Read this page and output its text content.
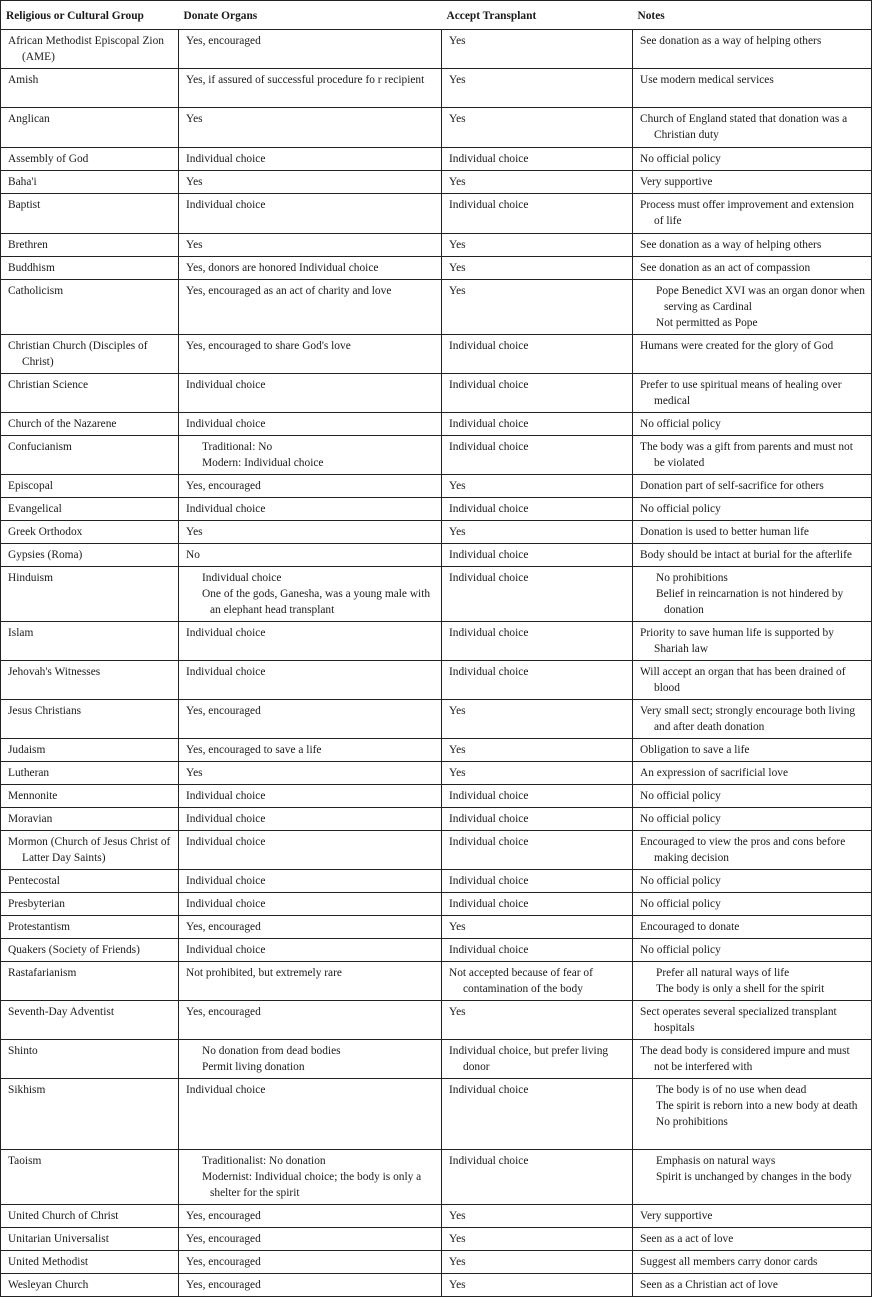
Religious or Cultural Group	Donate Organs	Accept Transplant	Notes

African Methodist Episcopal Zion (AME)	Yes, encouraged	Yes	See donation as a way of helping others

Amish	Yes, if assured of successful procedure fo r recipient	Yes	Use modern medical services

Anglican	Yes	Yes	Church of England stated that donation was a Christian duty

Assembly of God	Individual choice	Individual choice	No official policy

Baha'i	Yes	Yes	Very supportive

Baptist	Individual choice	Individual choice	Process must offer improvement and extension of life

Brethren	Yes	Yes	See donation as a way of helping others

Buddhism	Yes, donors are honored Individual choice	Yes	See donation as an act of compassion

Catholicism	Yes, encouraged as an act of charity and love	Yes	Pope Benedict XVI was an organ donor when serving as Cardinal
Not permitted as Pope

Christian Church (Disciples of Christ)	Yes, encouraged to share God's love	Individual choice	Humans were created for the glory of God

Christian Science	Individual choice	Individual choice	Prefer to use spiritual means of healing over medical

Church of the Nazarene	Individual choice	Individual choice	No official policy

Confucianism	Traditional: No
Modern: Individual choice	Individual choice	The body was a gift from parents and must not be violated

Episcopal	Yes, encouraged	Yes	Donation part of self-sacrifice for others

Evangelical	Individual choice	Individual choice	No official policy

Greek Orthodox	Yes	Yes	Donation is used to better human life

Gypsies (Roma)	No	Individual choice	Body should be intact at burial for the afterlife

Hinduism	Individual choice
One of the gods, Ganesha, was a young male with an elephant head transplant	Individual choice	No prohibitions
Belief in reincarnation is not hindered by donation

Islam	Individual choice	Individual choice	Priority to save human life is supported by Shariah law

Jehovah's Witnesses	Individual choice	Individual choice	Will accept an organ that has been drained of blood

Jesus Christians	Yes, encouraged	Yes	Very small sect; strongly encourage both living and after death donation

Judaism	Yes, encouraged to save a life	Yes	Obligation to save a life

Lutheran	Yes	Yes	An expression of sacrificial love

Mennonite	Individual choice	Individual choice	No official policy

Moravian	Individual choice	Individual choice	No official policy

Mormon (Church of Jesus Christ of Latter Day Saints)	Individual choice	Individual choice	Encouraged to view the pros and cons before making decision

Pentecostal	Individual choice	Individual choice	No official policy

Presbyterian	Individual choice	Individual choice	No official policy

Protestantism	Yes, encouraged	Yes	Encouraged to donate

Quakers (Society of Friends)	Individual choice	Individual choice	No official policy

Rastafarianism	Not prohibited, but extremely rare	Not accepted because of fear of contamination of the body	Prefer all natural ways of life
The body is only a shell for the spirit

Seventh-Day Adventist	Yes, encouraged	Yes	Sect operates several specialized transplant hospitals

Shinto	No donation from dead bodies
Permit living donation	Individual choice, but prefer living donor	The dead body is considered impure and must not be interfered with

Sikhism	Individual choice	Individual choice	The body is of no use when dead
The spirit is reborn into a new body at death
No prohibitions

Taoism	Traditionalist: No donation
Modernist: Individual choice; the body is only a shelter for the spirit	Individual choice	Emphasis on natural ways
Spirit is unchanged by changes in the body

United Church of Christ	Yes, encouraged	Yes	Very supportive

Unitarian Universalist	Yes, encouraged	Yes	Seen as a act of love

United Methodist	Yes, encouraged	Yes	Suggest all members carry donor cards

Wesleyan Church	Yes, encouraged	Yes	Seen as a Christian act of love
